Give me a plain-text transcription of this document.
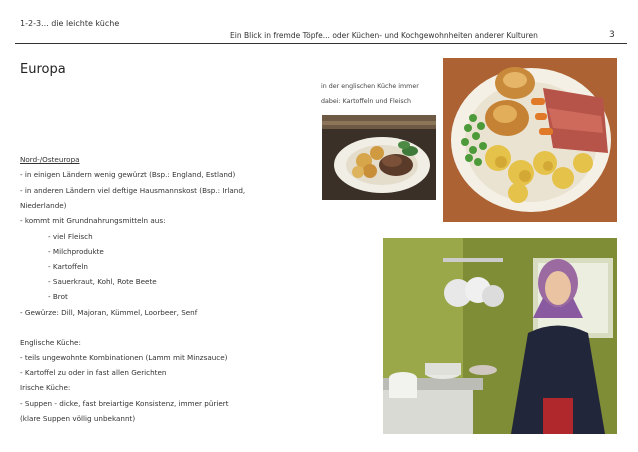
1-2-3... die leichte küche
Ein Blick in fremde Töpfe... oder Küchen- und Kochgewohnheiten anderer Kulturen	3
Europa
in der englischen Küche immer
dabei: Kartoffeln und Fleisch
Nord-/Osteuropa
- in einigen Ländern wenig gewürzt (Bsp.: England, Estland)
- in anderen Ländern viel deftige Hausmannskost (Bsp.: Irland,
Niederlande)
- kommt mit Grundnahrungsmitteln aus:
- viel Fleisch
- Milchprodukte
- Kartoffeln
- Sauerkraut, Kohl, Rote Beete
- Brot
- Gewürze: Dill, Majoran, Kümmel, Loorbeer, Senf
Englische Küche:
- teils ungewohnte Kombinationen (Lamm mit Minzsauce)
- Kartoffel zu oder in fast allen Gerichten
Irische Küche:
- Suppen - dicke, fast breiartige Konsistenz, immer püriert
(klare Suppen völlig unbekannt)
